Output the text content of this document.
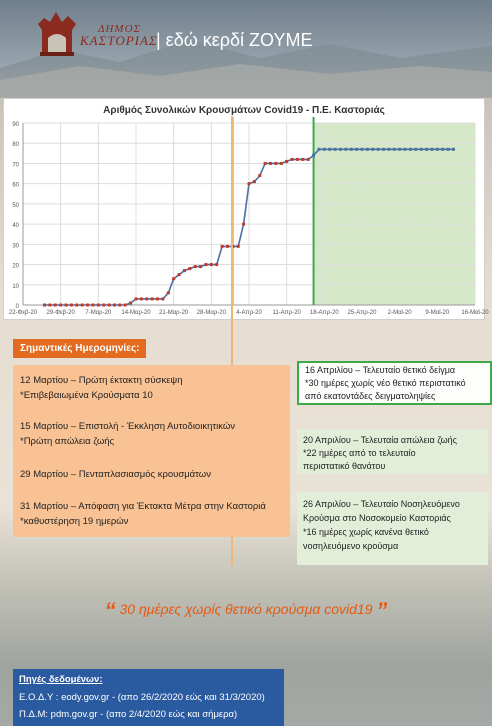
ΔΗΜΟΣ
ΚΑΣΤΟΡΙΑΣ
| εδώ κερδί ΖΟΥΜΕ
Αριθμός Συνολικών Κρουσμάτων Covid19 - Π.Ε. Καστοριάς
0
10
20
30
40
50
60
70
80
90
22-Φεβ-20 29-Φεβ-20 7-Μαρ-20 14-Μαρ-20 21-Μαρ-20 28-Μαρ-20 4-Απρ-20 11-Απρ-20 18-Απρ-20 25-Απρ-20 2-Μαϊ-20 9-Μαϊ-20 16-Μαϊ-20
Σημαντικές Ημερομηνίες:
12 Μαρτίου – Πρώτη έκτακτη σύσκεψη
*Επιβεβαιωμένα Κρούσματα 10
15 Μαρτίου – Επιστολή - Έκκληση Αυτοδιοικητικών
*Πρώτη απώλεια ζωής
29 Μαρτίου – Πενταπλασιασμός κρουσμάτων
31 Μαρτίου – Απόφαση για Έκτακτα Μέτρα στην Καστοριά
*καθυστέρηση 19 ημερών
16 Απριλίου – Τελευταίο θετικό δείγμα
*30 ημέρες χωρίς νέο θετικό περιστατικό
από εκατοντάδες δειγματοληψίες
20 Απριλίου – Τελευταία απώλεια ζωής
*22 ημέρες από το τελευταίο
περιστατικό θανάτου
26 Απριλίου – Τελευταίο Νοσηλευόμενο
Κρούσμα στο Νοσοκομείο Καστοριάς
*16 ημέρες χωρίς κανένα θετικό
νοσηλευόμενο κρούσμα
“ 30 ημέρες χωρίς θετικό κρούσμα covid19 ”
Πηγές δεδομένων:
Ε.Ο.Δ.Υ : eody.gov.gr - (απο 26/2/2020 εώς και 31/3/2020)
Π.Δ.Μ: pdm.gov.gr - (απο 2/4/2020 εώς και σήμερα)
